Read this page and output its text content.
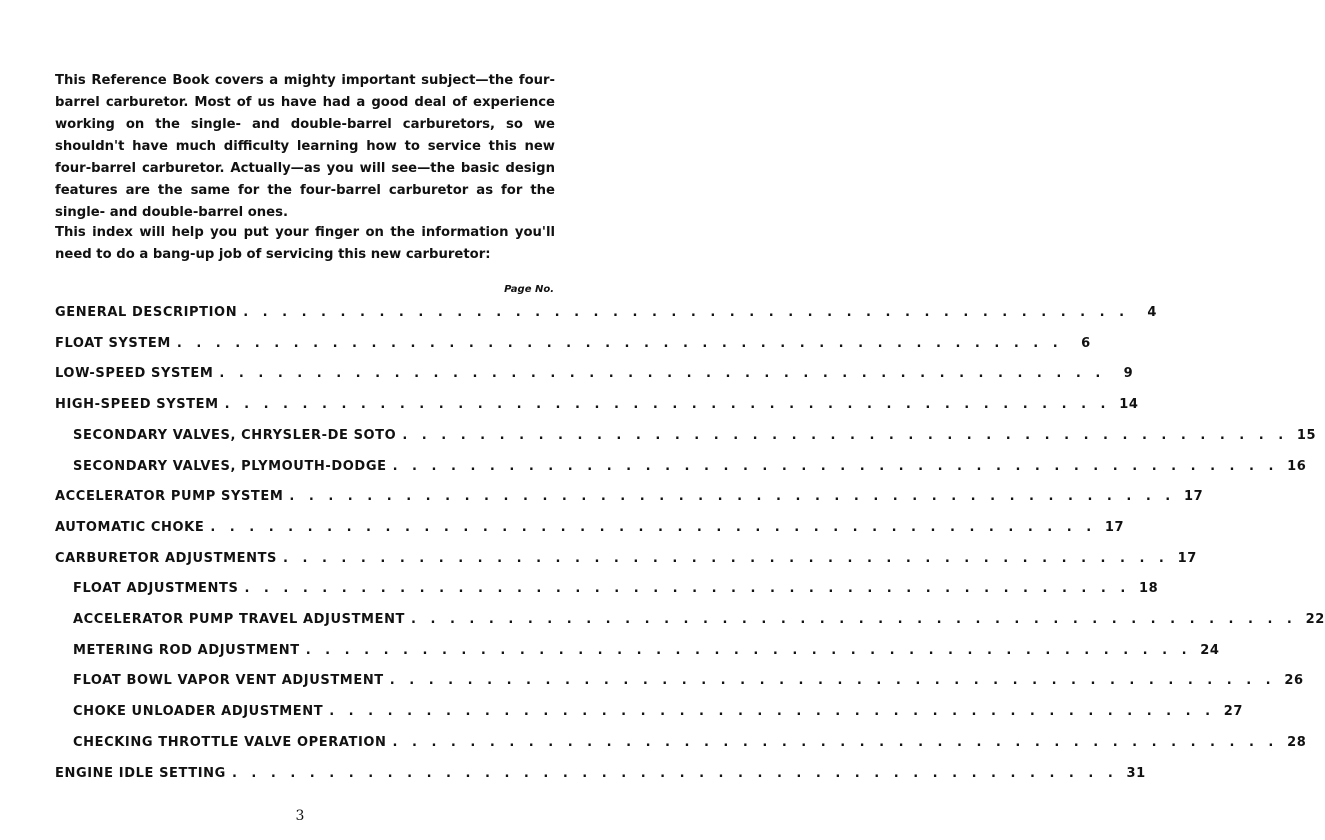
This Reference Book covers a mighty important subject—the four-barrel carburetor. Most of us have had a good deal of experience working on the single- and double-barrel carburetors, so we shouldn't have much difficulty learning how to service this new four-barrel carburetor. Actually—as you will see—the basic design features are the same for the four-barrel carburetor as for the single- and double-barrel ones.

This index will help you put your finger on the information you'll need to do a bang-up job of servicing this new carburetor:

Page No.
GENERAL DESCRIPTION . . . . . . . . . . . . . . . . . . . . . . . . . . . . . . . . . . . . . . . . . . . . . .	4
FLOAT SYSTEM . . . . . . . . . . . . . . . . . . . . . . . . . . . . . . . . . . . . . . . . . . . . . .	6
LOW-SPEED SYSTEM . . . . . . . . . . . . . . . . . . . . . . . . . . . . . . . . . . . . . . . . . . . . . .	9
HIGH-SPEED SYSTEM . . . . . . . . . . . . . . . . . . . . . . . . . . . . . . . . . . . . . . . . . . . . . . 14
SECONDARY VALVES, CHRYSLER-DE SOTO . . . . . . . . . . . . . . . . . . . . . . . . . . . . . . . . . . . . . . . . . . . . . . 15
SECONDARY VALVES, PLYMOUTH-DODGE . . . . . . . . . . . . . . . . . . . . . . . . . . . . . . . . . . . . . . . . . . . . . . 16
ACCELERATOR PUMP SYSTEM . . . . . . . . . . . . . . . . . . . . . . . . . . . . . . . . . . . . . . . . . . . . . . 17
AUTOMATIC CHOKE . . . . . . . . . . . . . . . . . . . . . . . . . . . . . . . . . . . . . . . . . . . . . . 17
CARBURETOR ADJUSTMENTS . . . . . . . . . . . . . . . . . . . . . . . . . . . . . . . . . . . . . . . . . . . . . . 17
FLOAT ADJUSTMENTS . . . . . . . . . . . . . . . . . . . . . . . . . . . . . . . . . . . . . . . . . . . . . . 18
ACCELERATOR PUMP TRAVEL ADJUSTMENT . . . . . . . . . . . . . . . . . . . . . . . . . . . . . . . . . . . . . . . . . . . . . . 22
METERING ROD ADJUSTMENT . . . . . . . . . . . . . . . . . . . . . . . . . . . . . . . . . . . . . . . . . . . . . . 24
FLOAT BOWL VAPOR VENT ADJUSTMENT . . . . . . . . . . . . . . . . . . . . . . . . . . . . . . . . . . . . . . . . . . . . . . 26
CHOKE UNLOADER ADJUSTMENT . . . . . . . . . . . . . . . . . . . . . . . . . . . . . . . . . . . . . . . . . . . . . . 27
CHECKING THROTTLE VALVE OPERATION . . . . . . . . . . . . . . . . . . . . . . . . . . . . . . . . . . . . . . . . . . . . . . 28
ENGINE IDLE SETTING . . . . . . . . . . . . . . . . . . . . . . . . . . . . . . . . . . . . . . . . . . . . . . 31
3
